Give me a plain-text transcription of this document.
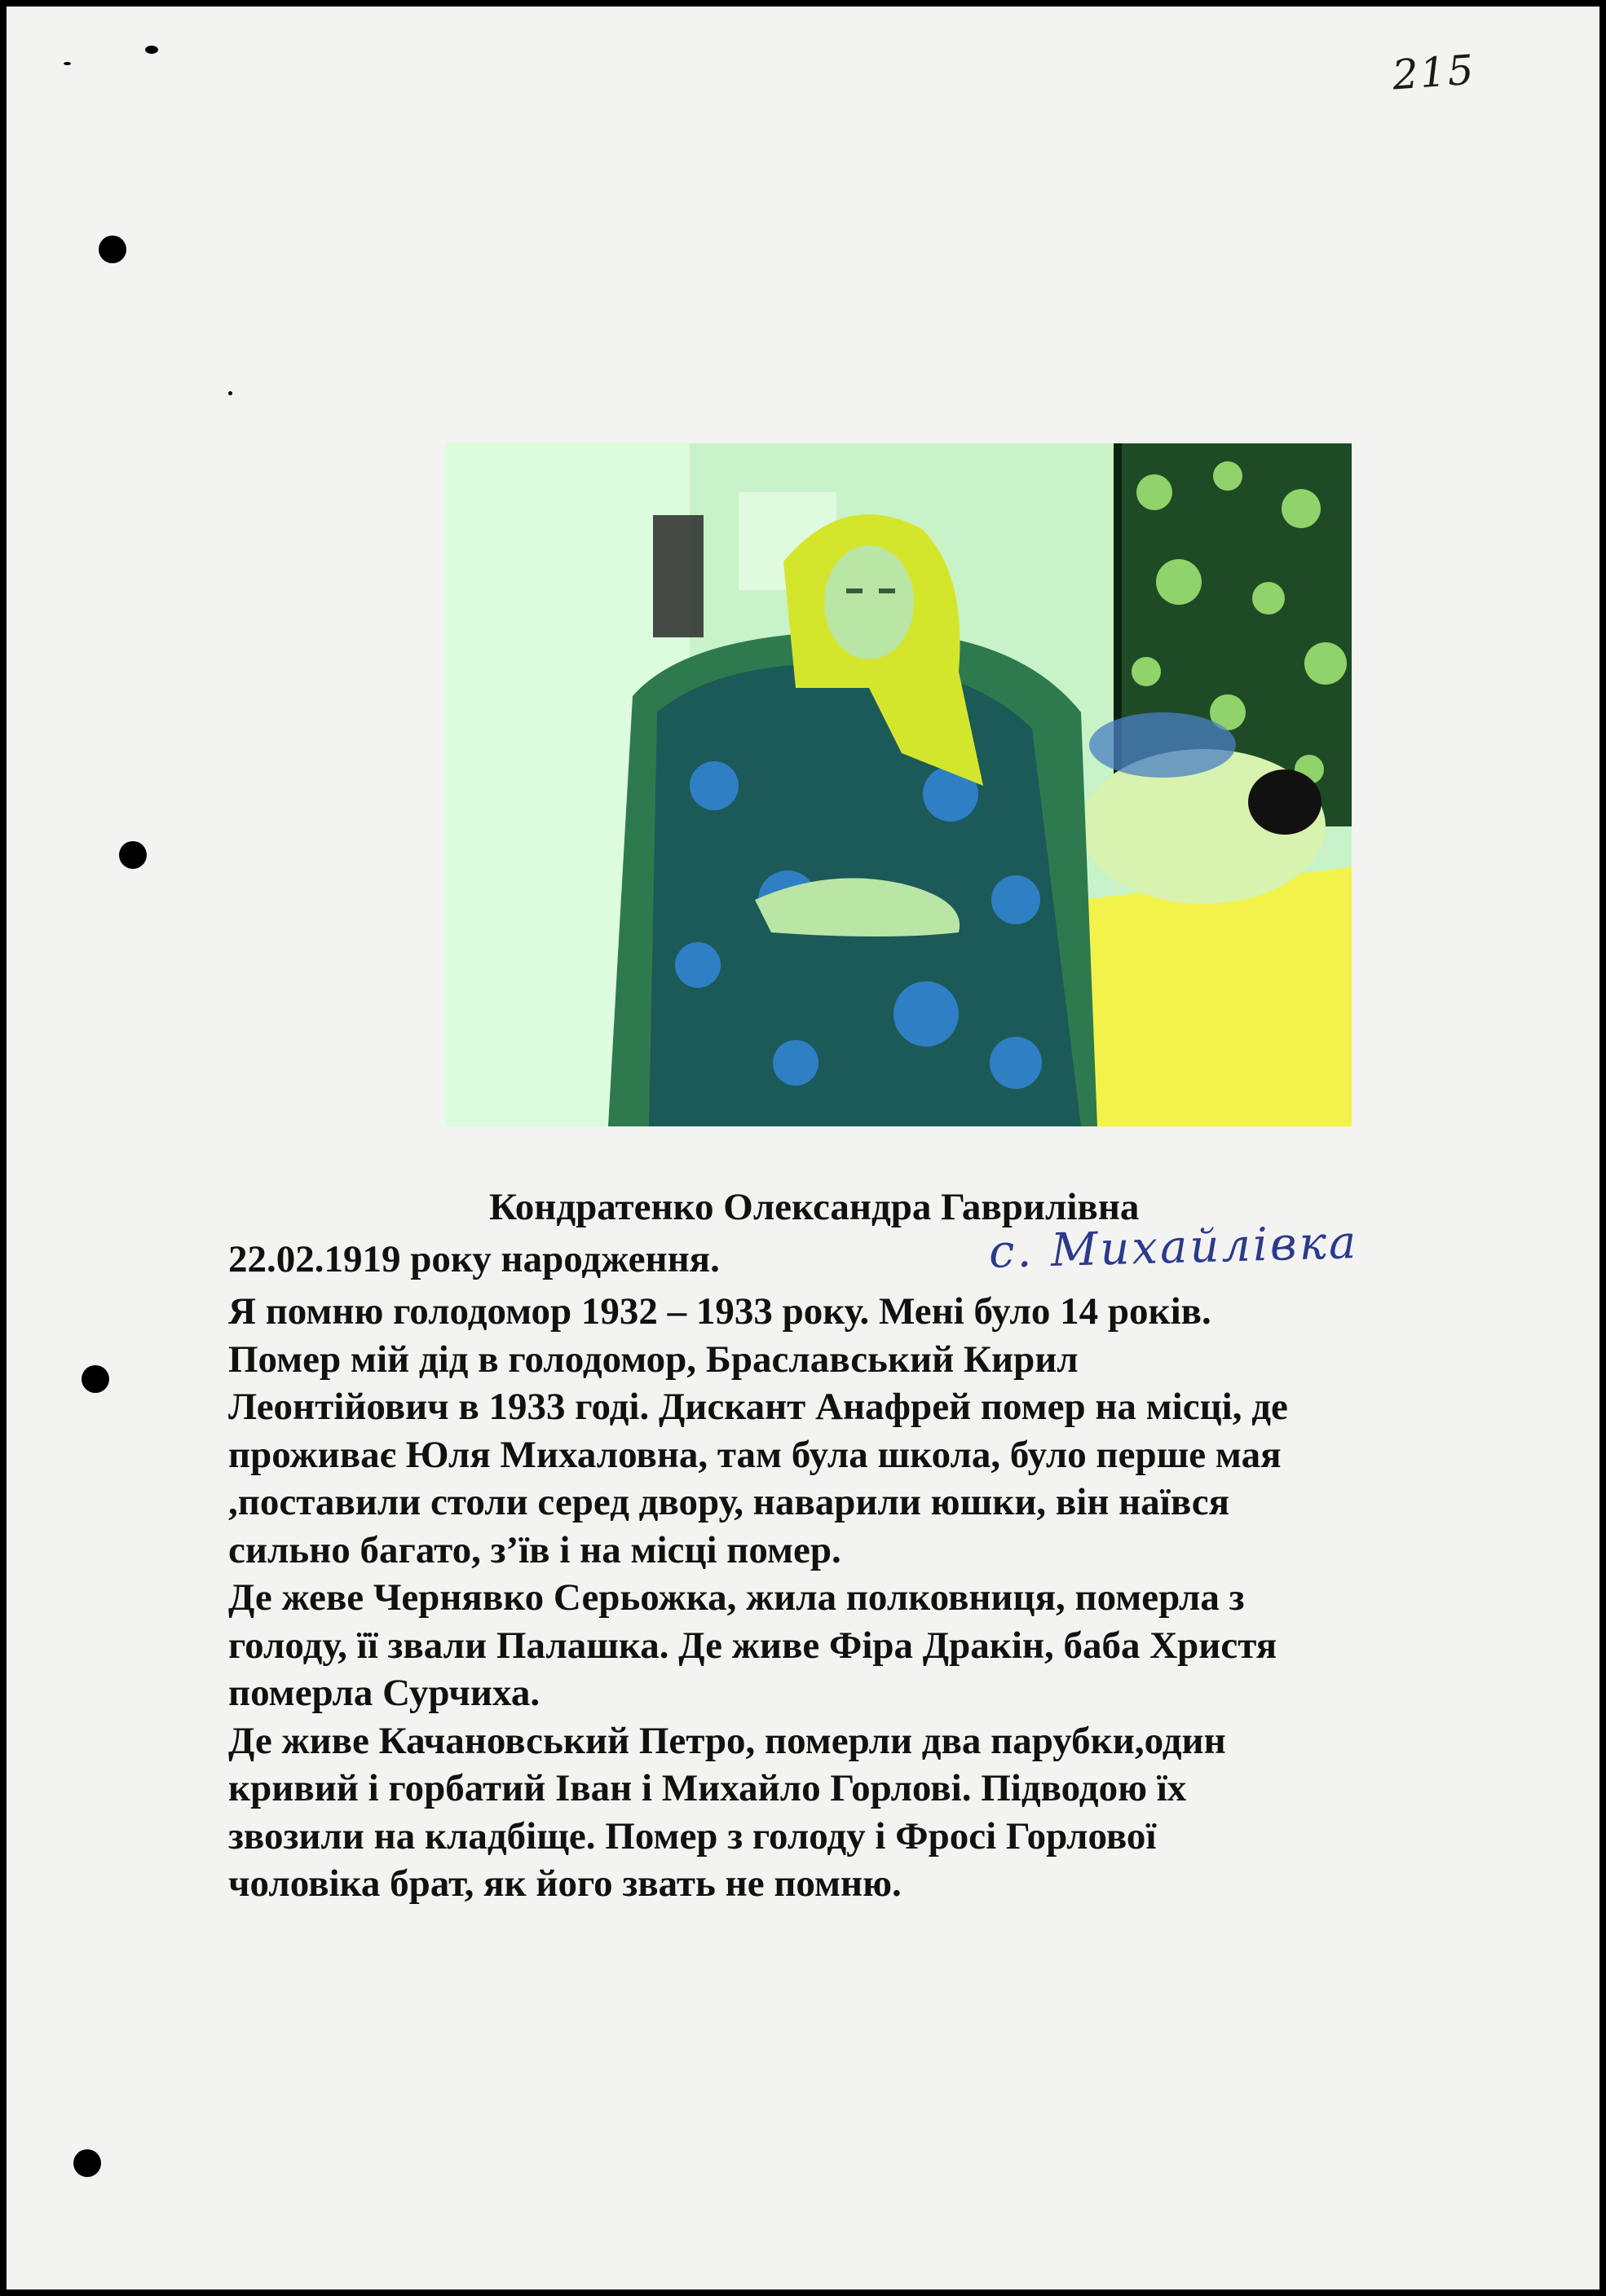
215
Кондратенко Олександра Гаврилівна
22.02.1919 року народження.	с. Михайлівка
Я помню голодомор 1932 – 1933 року. Мені було 14 років.
Помер мій дід в голодомор, Браславський Кирил
Леонтійович в 1933 годі. Дискант Анафрей помер на місці, де
проживає Юля Михаловна, там була школа, було перше мая
,поставили столи серед двору, наварили юшки, він наївся
сильно багато, з’їв і на місці помер.
Де жеве Чернявко Серьожка, жила полковниця, померла з
голоду, її звали Палашка. Де живе Фіра Дракін, баба Христя
померла Сурчиха.
Де живе Качановський Петро, померли два парубки,один
кривий і горбатий Іван і Михайло Горлові. Підводою їх
звозили на кладбіще. Помер з голоду і Фросі Горлової
чоловіка брат, як його звать не помню.
